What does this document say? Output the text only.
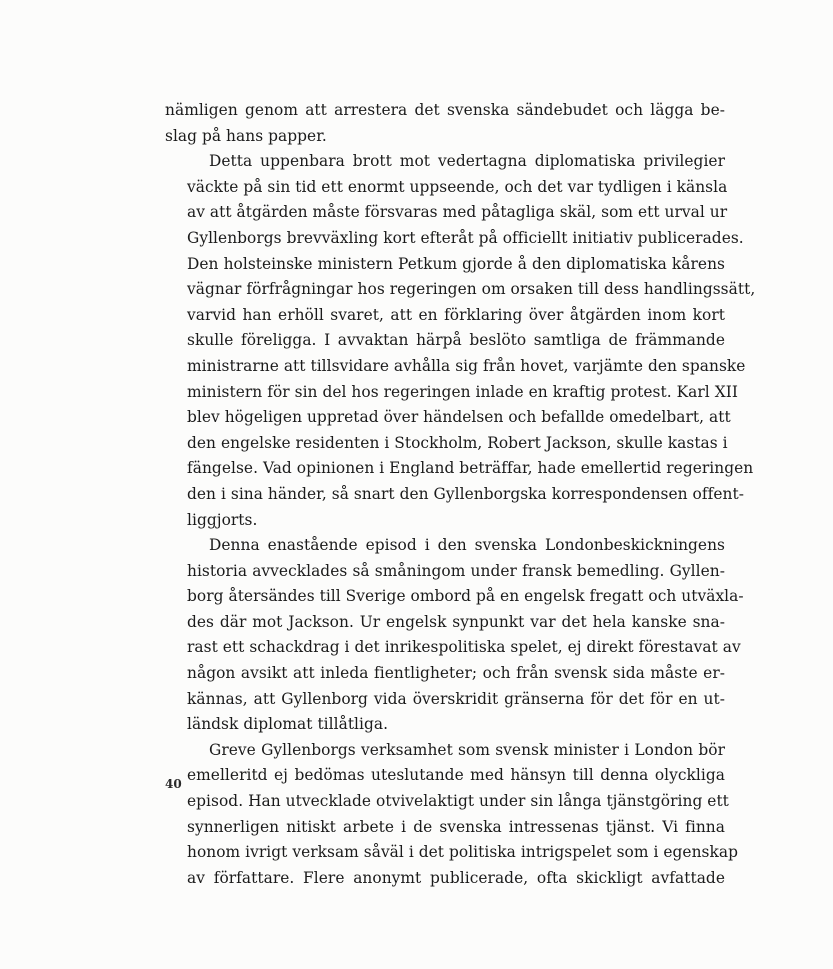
nämligen genom att arrestera det svenska sändebudet och lägga be-
slag på hans papper.

Detta uppenbara brott mot vedertagna diplomatiska privilegier
väckte på sin tid ett enormt uppseende, och det var tydligen i känsla
av att åtgärden måste försvaras med påtagliga skäl, som ett urval ur
Gyllenborgs brevväxling kort efteråt på officiellt initiativ publicerades.
Den holsteinske ministern Petkum gjorde å den diplomatiska kårens
vägnar förfrågningar hos regeringen om orsaken till dess handlingssätt,
varvid han erhöll svaret, att en förklaring över åtgärden inom kort
skulle föreligga. I avvaktan härpå beslöto samtliga de främmande
ministrarne att tillsvidare avhålla sig från hovet, varjämte den spanske
ministern för sin del hos regeringen inlade en kraftig protest. Karl XII
blev högeligen uppretad över händelsen och befallde omedelbart, att
den engelske residenten i Stockholm, Robert Jackson, skulle kastas i
fängelse. Vad opinionen i England beträffar, hade emellertid regeringen
den i sina händer, så snart den Gyllenborgska korrespondensen offent-
liggjorts.

Denna enastående episod i den svenska Londonbeskickningens
historia avvecklades så småningom under fransk bemedling. Gyllen-
borg återsändes till Sverige ombord på en engelsk fregatt och utväxla-
des där mot Jackson. Ur engelsk synpunkt var det hela kanske sna-
rast ett schackdrag i det inrikespolitiska spelet, ej direkt förestavat av
någon avsikt att inleda fientligheter; och från svensk sida måste er-
kännas, att Gyllenborg vida överskridit gränserna för det för en ut-
ländsk diplomat tillåtliga.

Greve Gyllenborgs verksamhet som svensk minister i London bör
emelleritd ej bedömas uteslutande med hänsyn till denna olyckliga
episod. Han utvecklade otvivelaktigt under sin långa tjänstgöring ett
synnerligen nitiskt arbete i de svenska intressenas tjänst. Vi finna
honom ivrigt verksam såväl i det politiska intrigspelet som i egenskap
av författare. Flere anonymt publicerade, ofta skickligt avfattade

40
